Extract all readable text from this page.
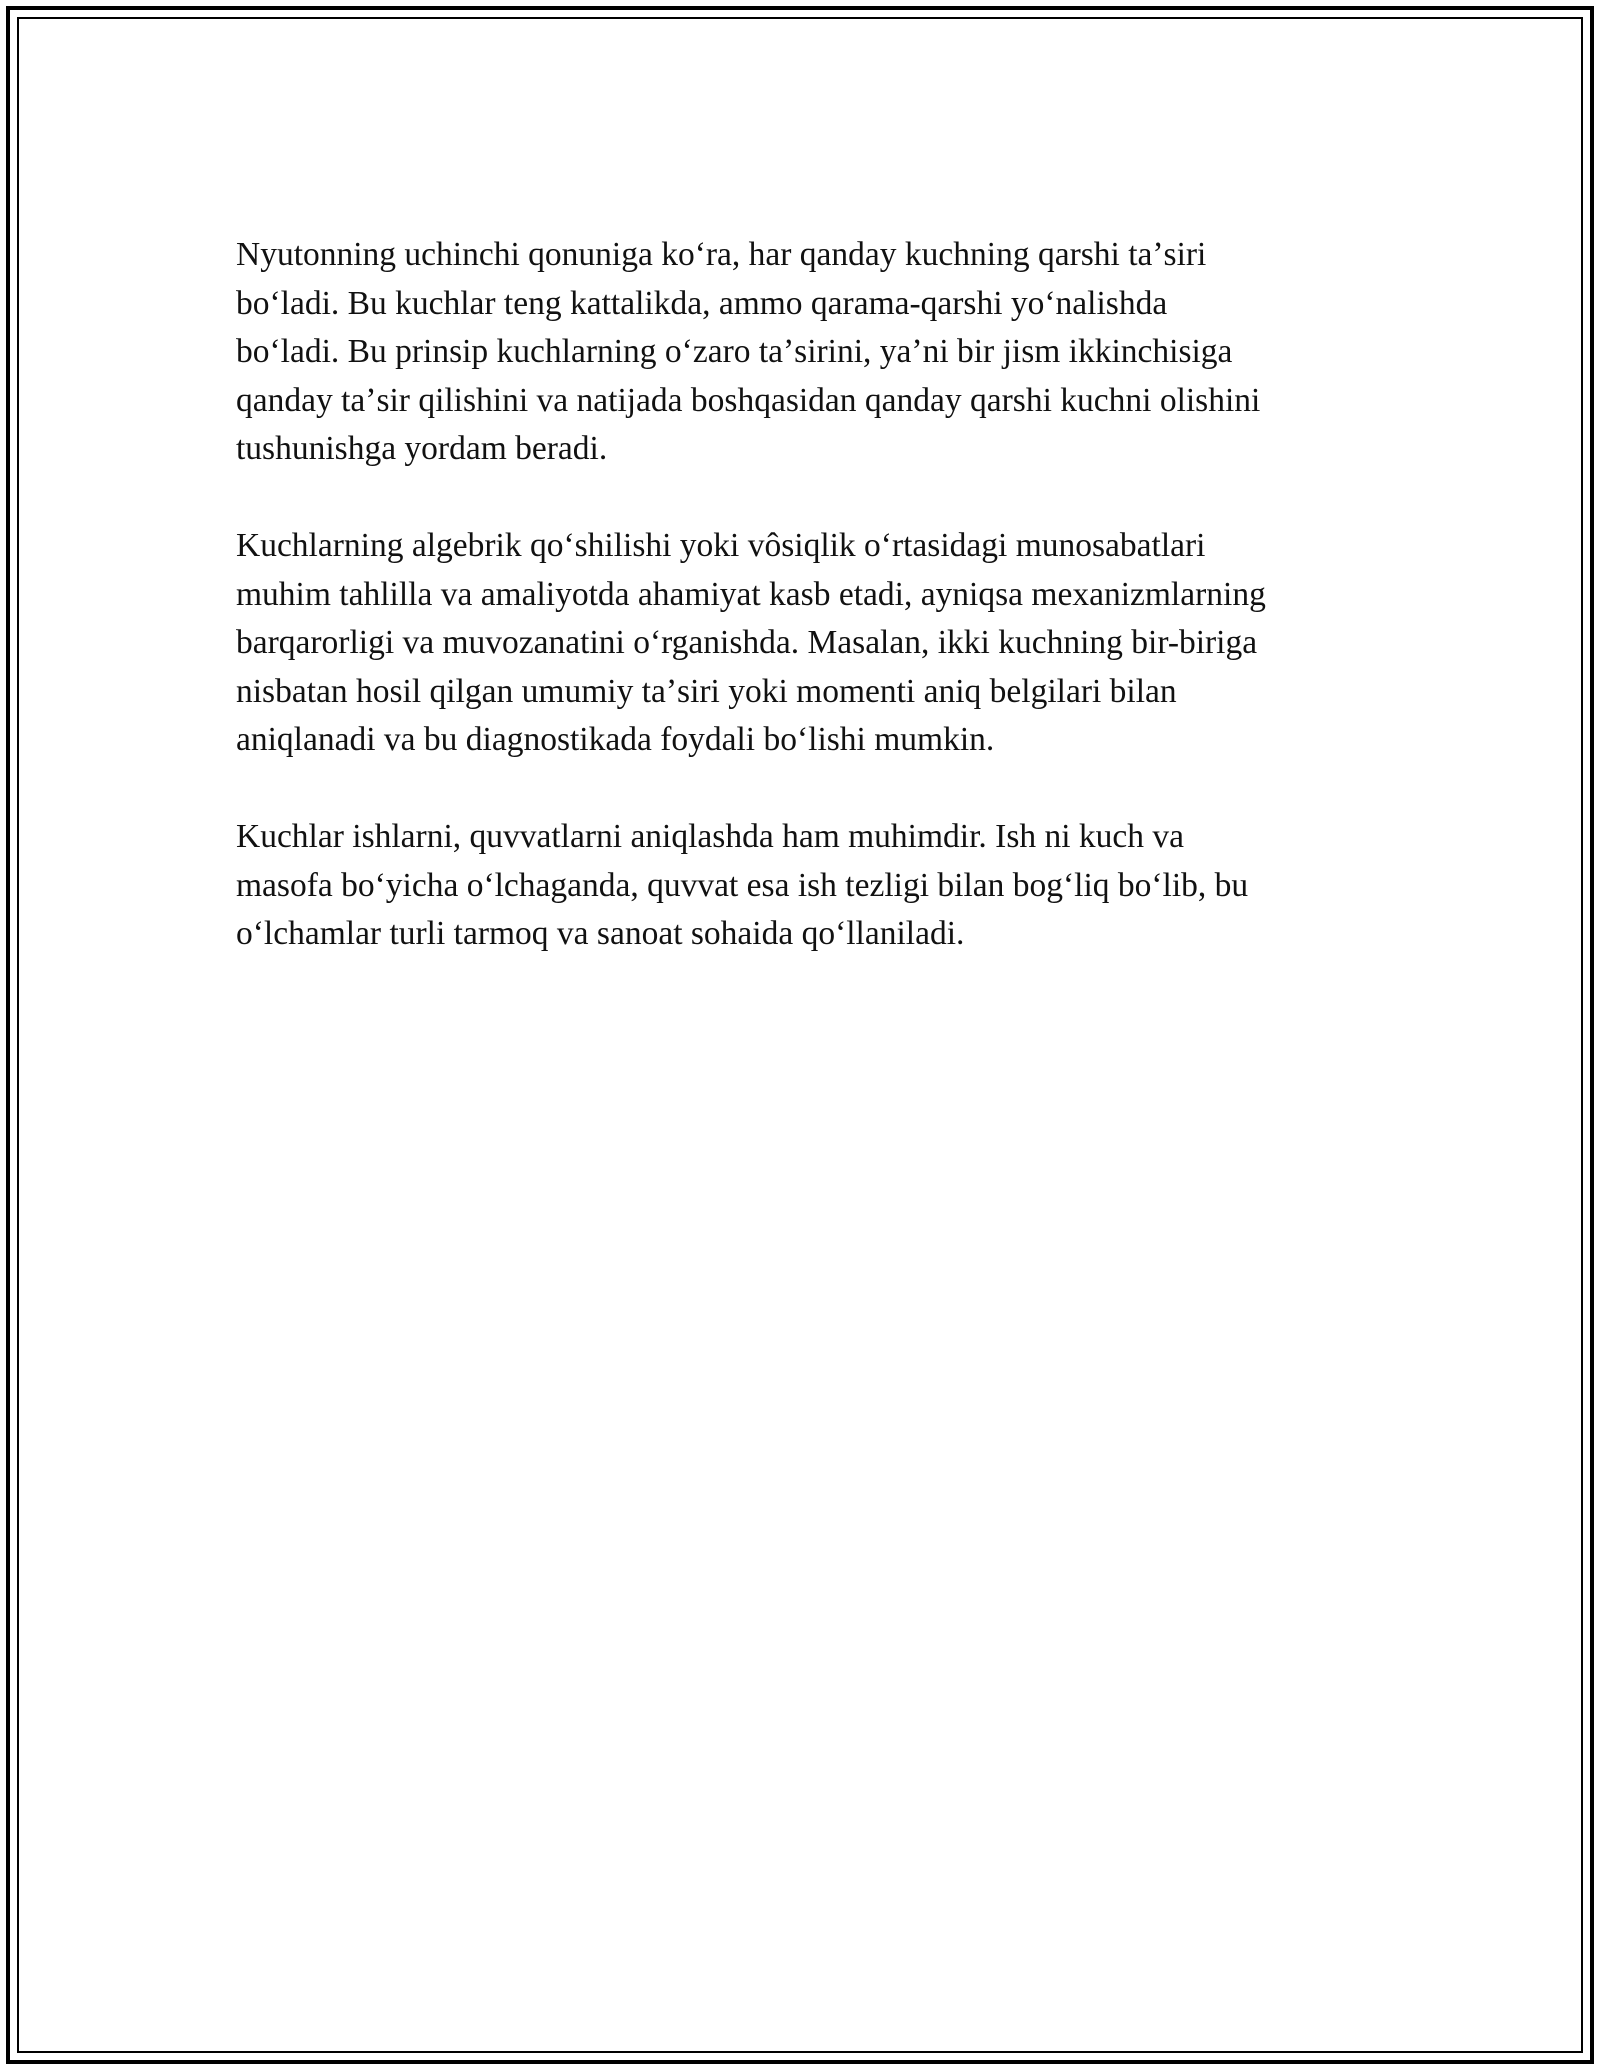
Nyutonning uchinchi qonuniga koʻra, har qanday kuchning qarshi taʼsiri
boʻladi. Bu kuchlar teng kattalikda, ammo qarama-qarshi yoʻnalishda
boʻladi. Bu prinsip kuchlarning oʻzaro taʼsirini, yaʼni bir jism ikkinchisiga
qanday taʼsir qilishini va natijada boshqasidan qanday qarshi kuchni olishini
tushunishga yordam beradi.

Kuchlarning algebrik qoʻshilishi yoki vôsiqlik oʻrtasidagi munosabatlari
muhim tahlilla va amaliyotda ahamiyat kasb etadi, ayniqsa mexanizmlarning
barqarorligi va muvozanatini oʻrganishda. Masalan, ikki kuchning bir-biriga
nisbatan hosil qilgan umumiy taʼsiri yoki momenti aniq belgilari bilan
aniqlanadi va bu diagnostikada foydali boʻlishi mumkin.

Kuchlar ishlarni, quvvatlarni aniqlashda ham muhimdir. Ish ni kuch va
masofa boʻyicha oʻlchaganda, quvvat esa ish tezligi bilan bogʻliq boʻlib, bu
oʻlchamlar turli tarmoq va sanoat sohaida qoʻllaniladi.
